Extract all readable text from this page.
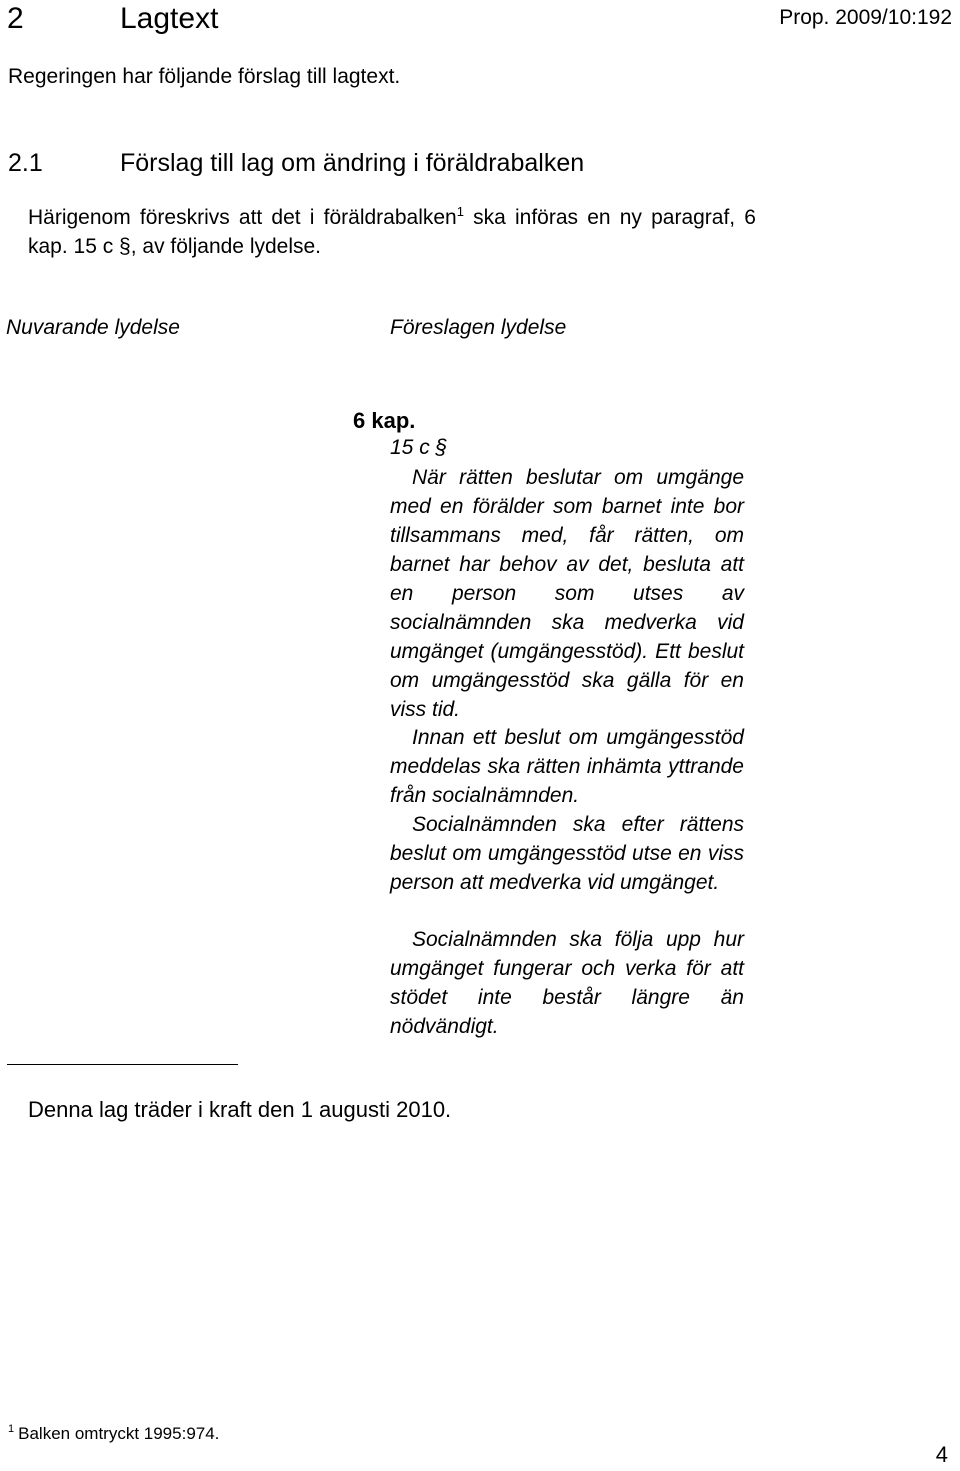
2	Lagtext	Prop. 2009/10:192
Regeringen har följande förslag till lagtext.
2.1	Förslag till lag om ändring i föräldrabalken
Härigenom föreskrivs att det i föräldrabalken$^1$ ska införas en ny paragraf, 6 kap. 15 c §, av följande lydelse.
Nuvarande lydelse	Föreslagen lydelse
6 kap.
15 c §
När rätten beslutar om umgänge med en förälder som barnet inte bor tillsammans med, får rätten, om barnet har behov av det, besluta att en person som utses av socialnämnden ska medverka vid umgänget (umgängesstöd). Ett beslut om umgängesstöd ska gälla för en viss tid.
Innan ett beslut om umgängesstöd meddelas ska rätten inhämta yttrande från socialnämnden.
Socialnämnden ska efter rättens beslut om umgängesstöd utse en viss person att medverka vid umgänget.
Socialnämnden ska följa upp hur umgänget fungerar och verka för att stödet inte består längre än nödvändigt.
Denna lag träder i kraft den 1 augusti 2010.
$^1$ Balken omtryckt 1995:974.
4
